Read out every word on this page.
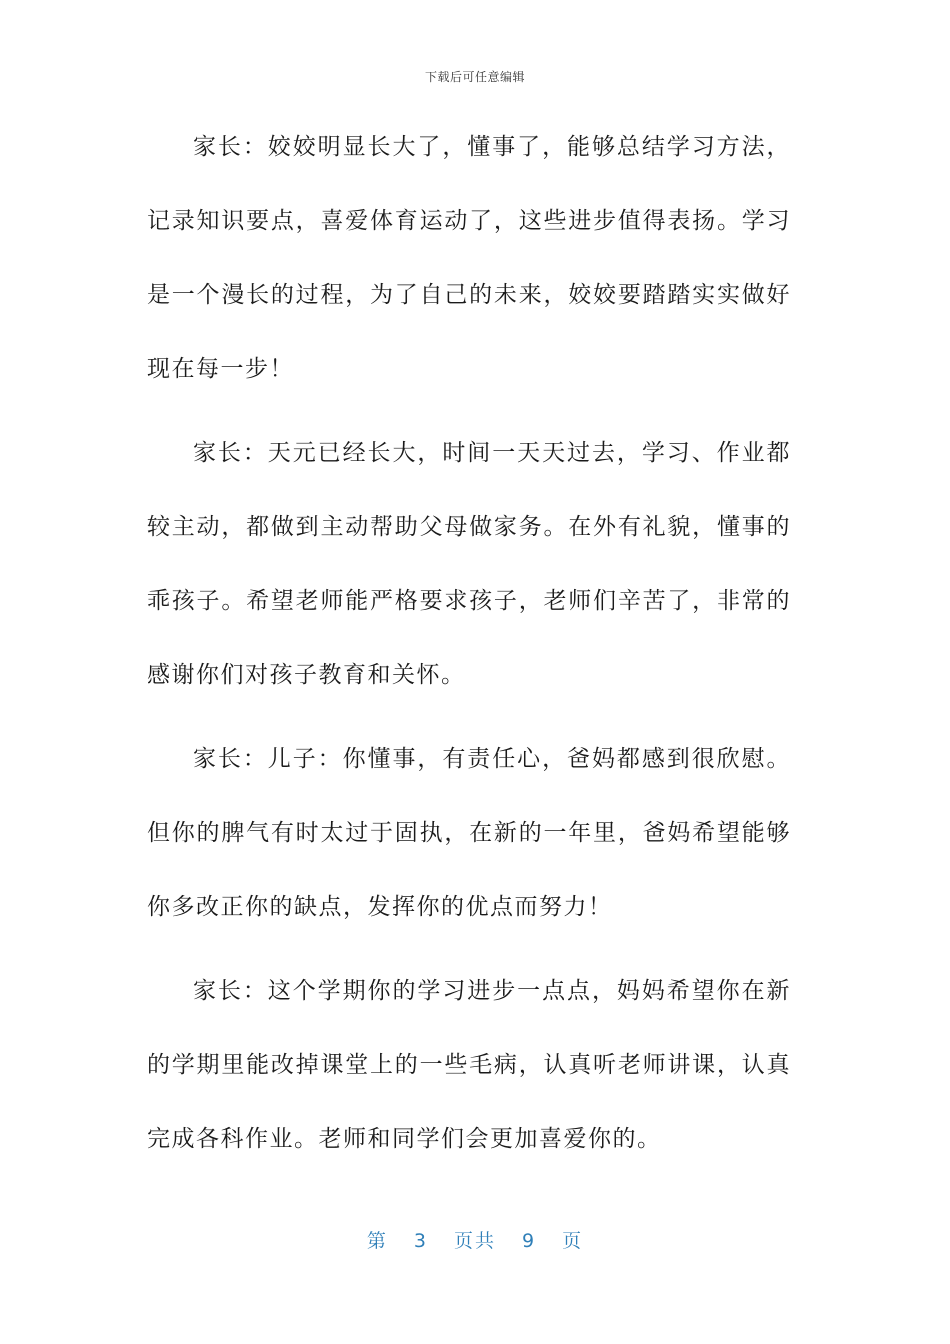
下载后可任意编辑

家长：姣姣明显长大了，懂事了，能够总结学习方法，记录知识要点，喜爱体育运动了，这些进步值得表扬。学习是一个漫长的过程，为了自己的未来，姣姣要踏踏实实做好现在每一步！

家长：天元已经长大，时间一天天过去，学习、作业都较主动，都做到主动帮助父母做家务。在外有礼貌，懂事的乖孩子。希望老师能严格要求孩子，老师们辛苦了，非常的感谢你们对孩子教育和关怀。

家长：儿子：你懂事，有责任心，爸妈都感到很欣慰。但你的脾气有时太过于固执，在新的一年里，爸妈希望能够你多改正你的缺点，发挥你的优点而努力！

家长：这个学期你的学习进步一点点，妈妈希望你在新的学期里能改掉课堂上的一些毛病，认真听老师讲课，认真完成各科作业。老师和同学们会更加喜爱你的。

第 3 页共 9 页
